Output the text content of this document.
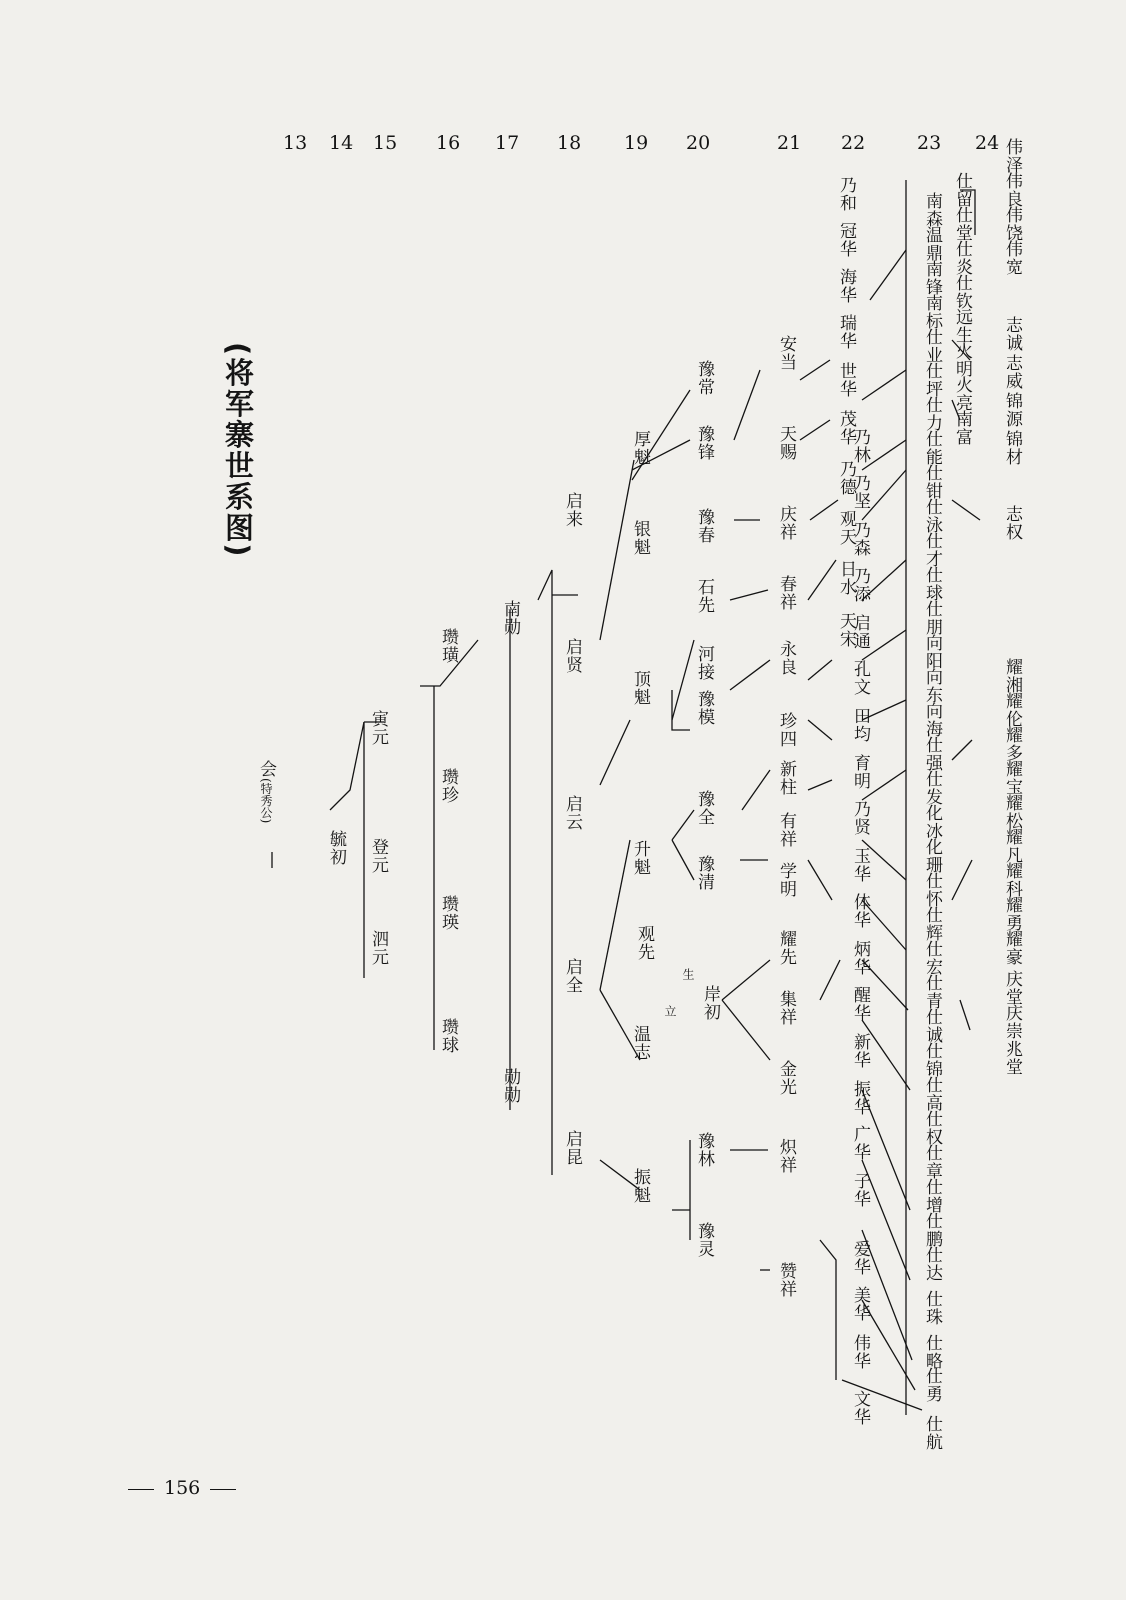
(将军寨世系图)
13 14 15 16 17 18 19 20	21 22	23 24
会(特秀公)
毓初
泗元
登元
寅元
瓒球
瓒瑛
瓒珍
瓒璜
勋勋
南勋
启昆
启全
启云
启贤
启来
振魁
温志
观先
升魁
顶魁
银魁
厚魁
立
生
豫灵
豫林
岸初
豫清
豫全
豫模
河接
石先
豫春
豫锋
豫常
赞祥
炽祥
金光
集祥
耀先
学明
有祥
新柱
珍四
永良
春祥
庆祥
天赐
安当
文华
伟华
美华
爱华
子华
广华
振华
新华
醒华
炳华
体华
玉华
乃贤
育明
田均
孔文
启通
乃添
乃森
乃坚
乃林
天宋
日水
观天
乃德
茂华
世华
瑞华
海华
冠华
乃和
仕航
仕勇
仕略
仕珠
仕达
仕鹏
仕增
仕章
仕权
仕高
仕锦
仕诚
仕青
仕宏
仕辉
仕怀
化珊
化冰
仕发
仕强
向海
向东
向阳
仕朋
仕球
仕才
仕泳
仕钳
仕能
仕力
仕坪
仕业
南标
南锋
温鼎
南森
南富
火亮
火明
远生
仕钦
仕炎
仕堂
仕留
兆堂
庆崇
庆堂
耀豪
耀勇
耀科
耀凡
耀松
耀宝
耀多
耀伦
耀湘
志权
锦材
锦源
志威
志诚
伟宽
伟饶
伟良
伟泽
156
